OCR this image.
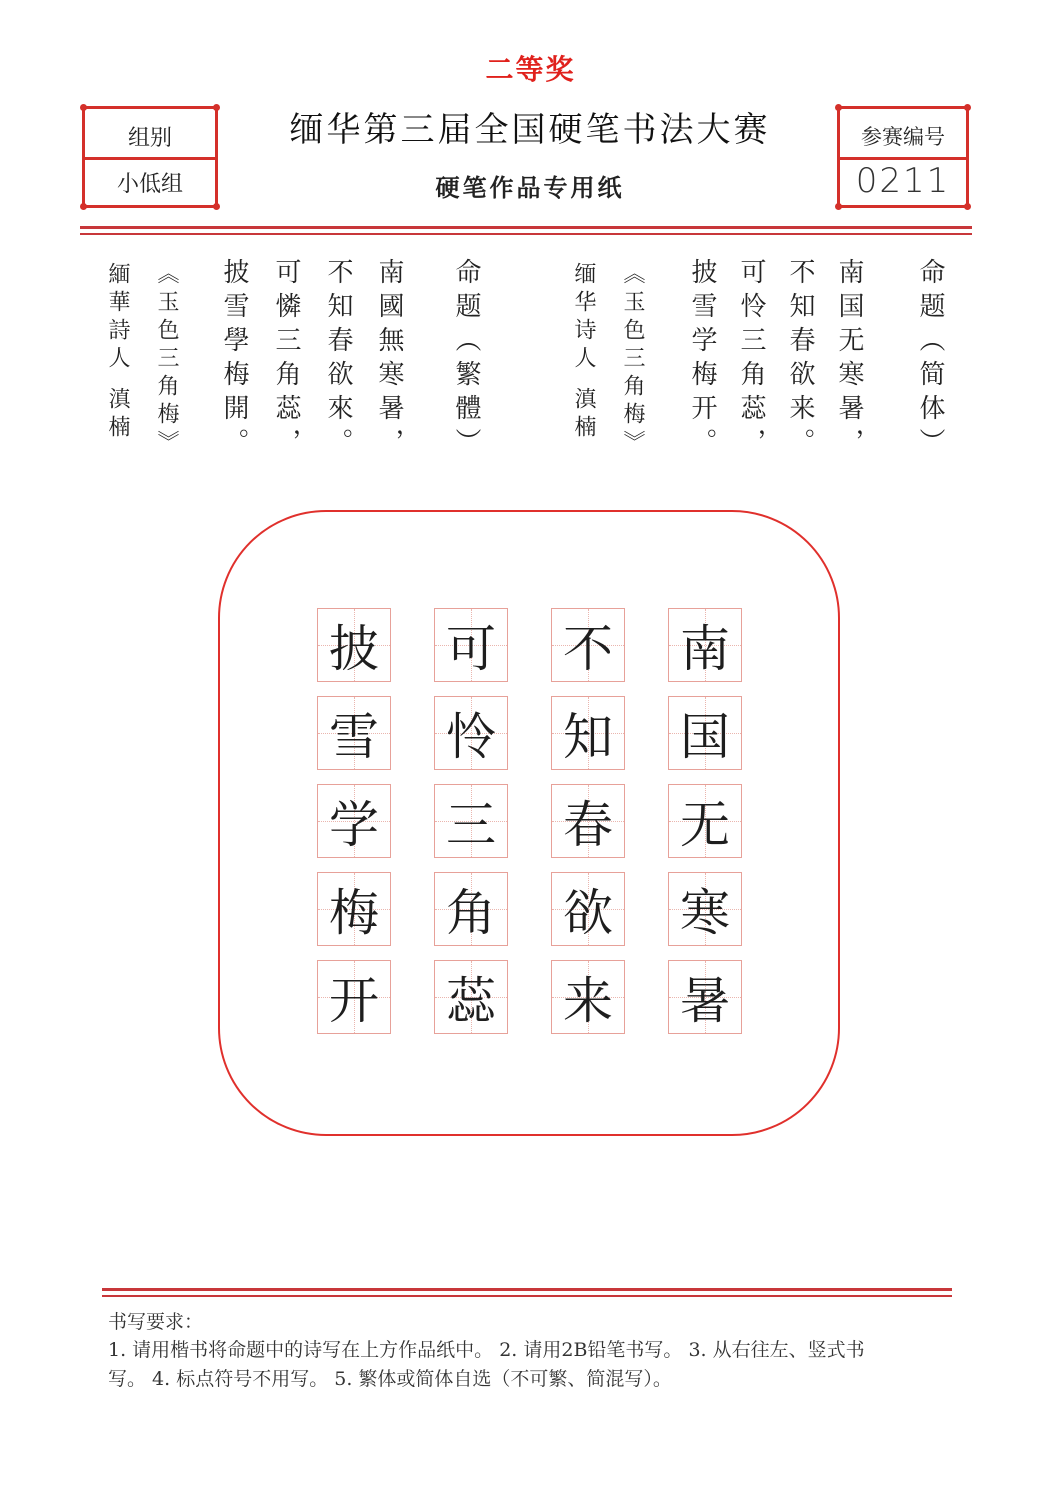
二等奖
缅华第三届全国硬笔书法大赛
硬笔作品专用纸
组别
小低组
参赛编号
0211
命题（简体）
南国无寒暑，
不知春欲来。
可怜三角蕊，
披雪学梅开。
《玉色三角梅》
缅华诗人 滇楠
命题（繁體）
南國無寒暑，
不知春欲來。
可憐三角蕊，
披雪學梅開。
《玉色三角梅》
緬華詩人 滇楠
南
国
无
寒
暑
不
知
春
欲
来
可
怜
三
角
蕊
披
雪
学
梅
开
书写要求：
1. 请用楷书将命题中的诗写在上方作品纸中。 2. 请用2B铅笔书写。 3. 从右往左、竖式书
写。 4. 标点符号不用写。 5. 繁体或简体自选（不可繁、简混写）。
